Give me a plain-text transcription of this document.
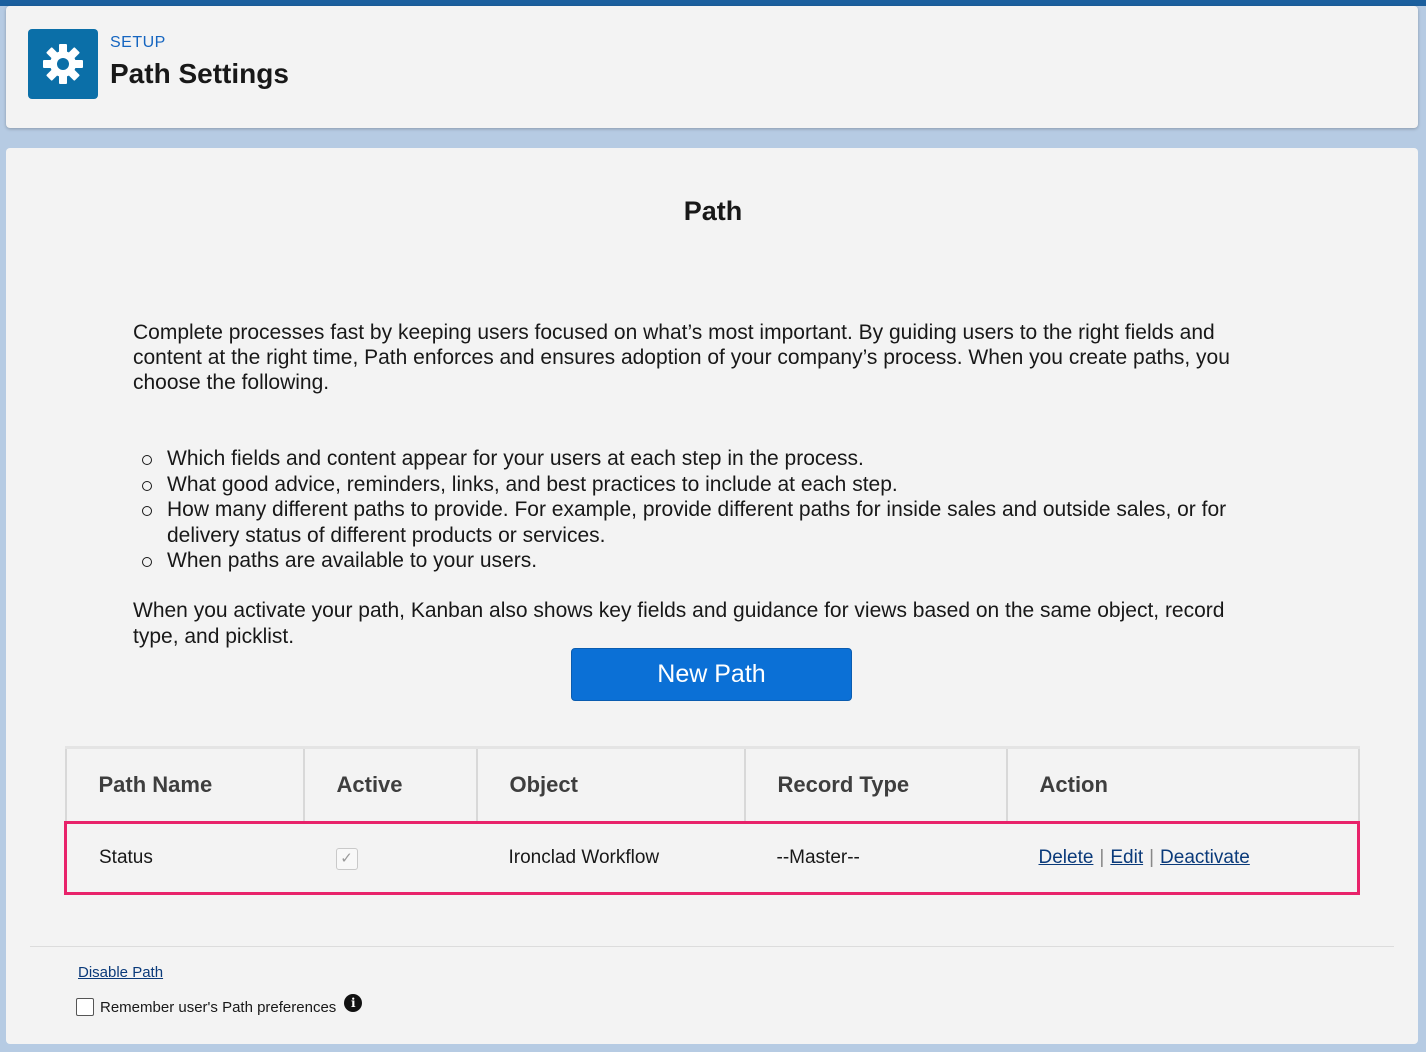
SETUP
Path Settings
Path

Complete processes fast by keeping users focused on what’s most important. By guiding users to the right fields and content at the right time, Path enforces and ensures adoption of your company’s process. When you create paths, you choose the following.

Which fields and content appear for your users at each step in the process.
What good advice, reminders, links, and best practices to include at each step.
How many different paths to provide. For example, provide different paths for inside sales and outside sales, or for delivery status of different products or services.
When paths are available to your users.

When you activate your path, Kanban also shows key fields and guidance for views based on the same object, record type, and picklist.

New Path
Path Name	Active	Object	Record Type	Action
Status	✓	Ironclad Workflow	--Master--	Delete | Edit | Deactivate
Disable Path
Remember user's Path preferences	i
